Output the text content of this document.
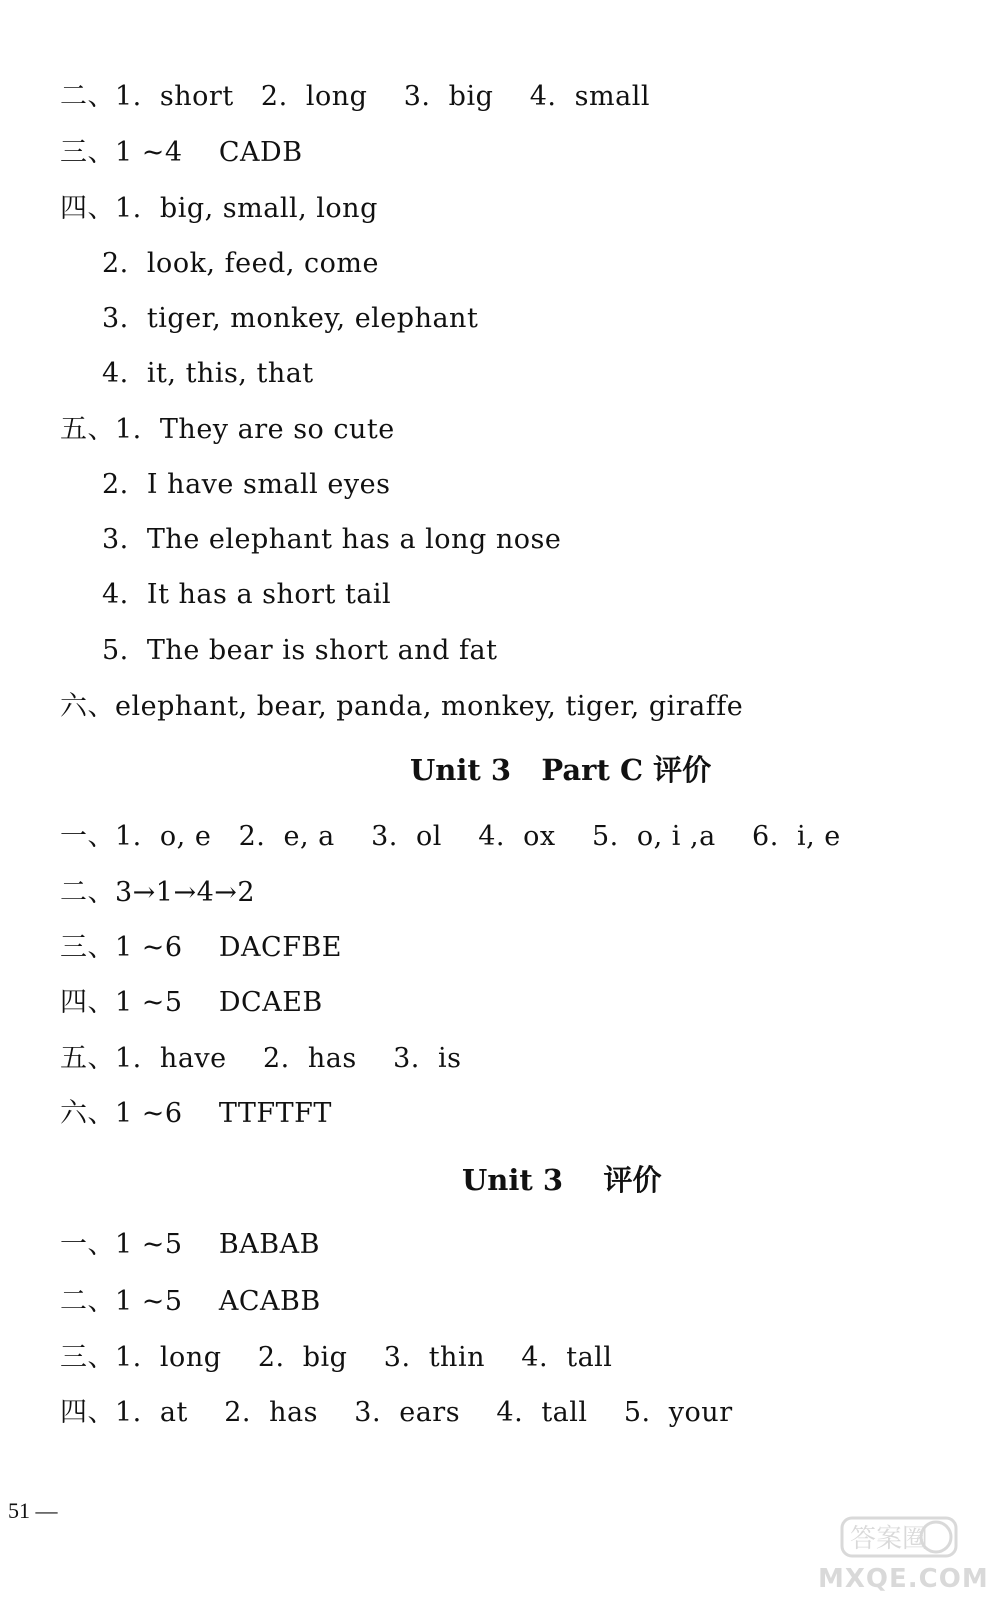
二、1.  short   2.  long    3.  big    4.  small
三、1 ~4    CADB
四、1.  big, small, long
2.  look, feed, come
3.  tiger, monkey, elephant
4.  it, this, that
五、1.  They are so cute
2.  I have small eyes
3.  The elephant has a long nose
4.  It has a short tail
5.  The bear is short and fat
六、elephant, bear, panda, monkey, tiger, giraffe
Unit 3   Part C 评价
一、1.  o, e   2.  e, a    3.  ol    4.  ox    5.  o, i ,a    6.  i, e
二、3→1→4→2
三、1 ~6    DACFBE
四、1 ~5    DCAEB
五、1.  have    2.  has    3.  is
六、1 ~6    TTFTFT
Unit 3    评价
一、1 ~5    BABAB
二、1 ~5    ACABB
三、1.  long    2.  big    3.  thin    4.  tall
四、1.  at    2.  has    3.  ears    4.  tall    5.  your
51 —
答案圈
MXQE.COM
